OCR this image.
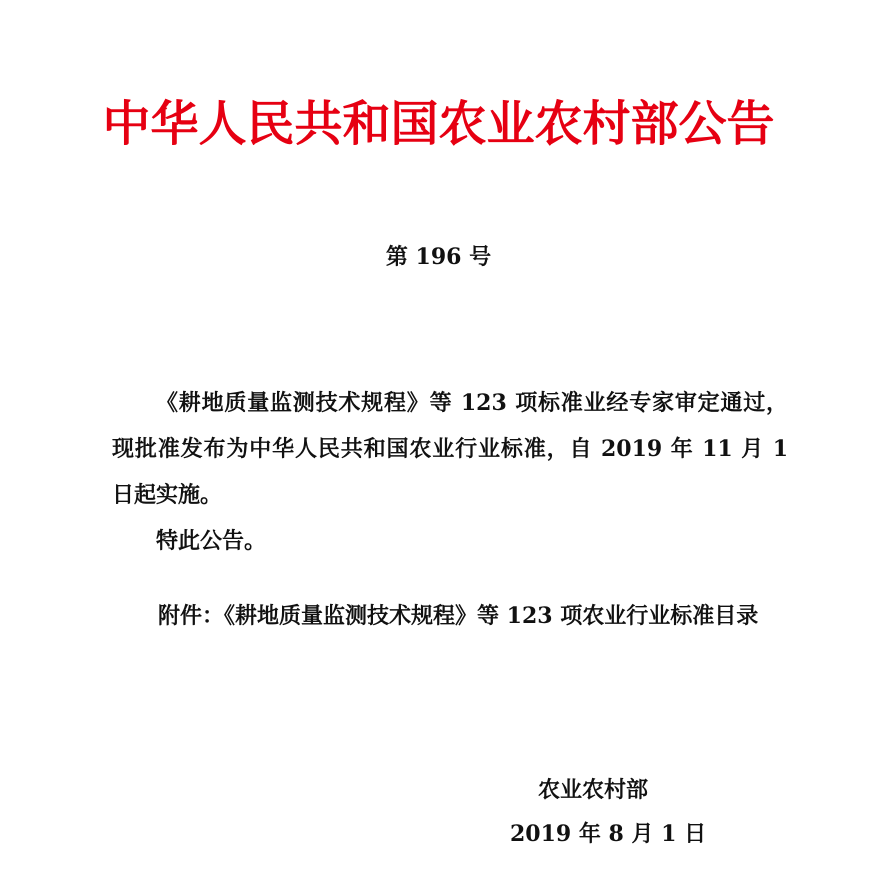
中华人民共和国农业农村部公告
第 196 号

《耕地质量监测技术规程》等 123 项标准业经专家审定通过，现批准发布为中华人民共和国农业行业标准，自 2019 年 11 月 1 日起实施。

特此公告。

附件：《耕地质量监测技术规程》等 123 项农业行业标准目录
农业农村部
2019 年 8 月 1 日
